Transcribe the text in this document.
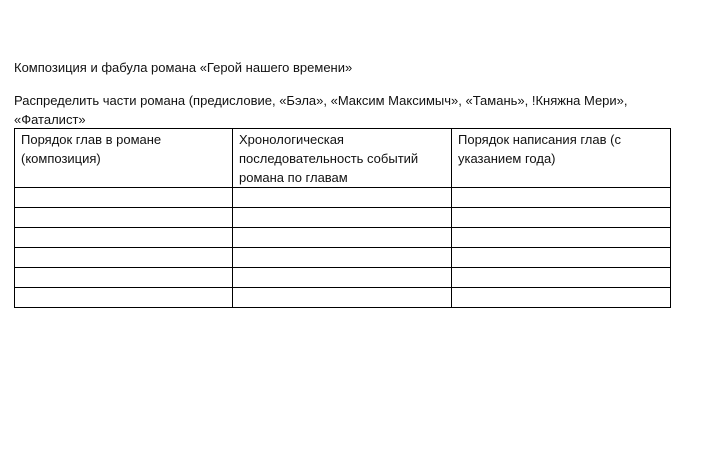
Композиция и фабула романа «Герой нашего времени»
Распределить части романа (предисловие, «Бэла», «Максим Максимыч», «Тамань», !Княжна Мери», «Фаталист»
Порядок глав в романе (композиция)	Хронологическая последовательность событий романа по главам	Порядок написания глав (с указанием года)
